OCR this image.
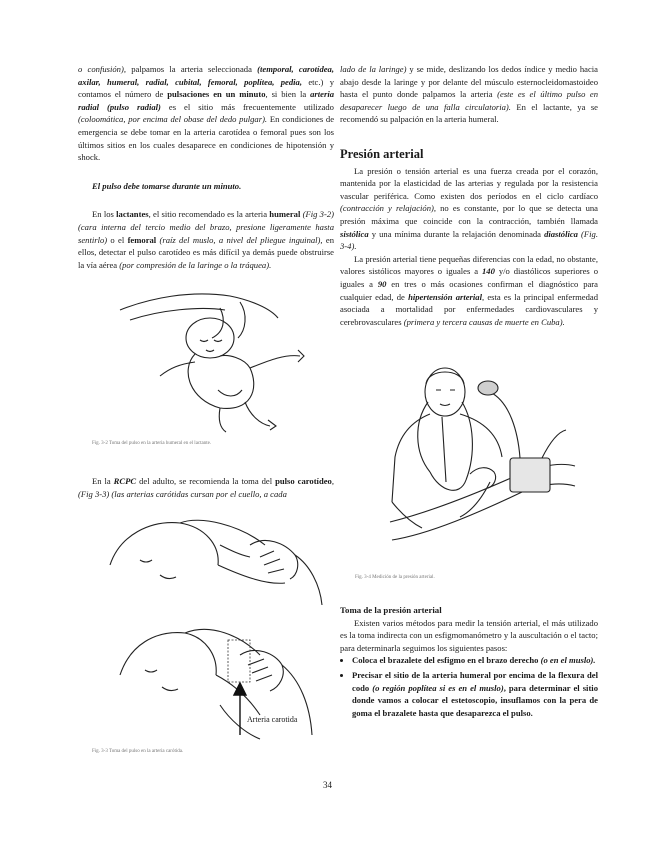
o confusión), palpamos la arteria seleccionada (temporal, carotídea, axilar, humeral, radial, cubital, femoral, poplítea, pedia, etc.) y contamos el número de pulsaciones en un minuto, si bien la arteria radial (pulso radial) es el sitio más frecuentemente utilizado (coloomática, por encima del obase del dedo pulgar). En condiciones de emergencia se debe tomar en la arteria carotídea o femoral pues son los últimos sitios en los cuales desaparece en condiciones de hipotensión y shock.

El pulso debe tomarse durante un minuto.

En los lactantes, el sitio recomendado es la arteria humeral (Fig 3-2) (cara interna del tercio medio del brazo, presione ligeramente hasta sentirlo) o el femoral (raíz del muslo, a nivel del pliegue inguinal), en ellos, detectar el pulso carotídeo es más difícil ya demás puede obstruirse la vía aérea (por compresión de la laringe o la tráquea).

Fig. 3-2 Toma del pulso en la arteria humeral en el lactante.

En la RCPC del adulto, se recomienda la toma del pulso carotídeo, (Fig 3-3) (las arterias carótidas cursan por el cuello, a cada

Arteria carotida
Fig. 3-3 Toma del pulso en la arteria carótida.

lado de la laringe) y se mide, deslizando los dedos índice y medio hacia abajo desde la laringe y por delante del músculo esternocleidomastoideo hasta el punto donde palpamos la arteria (este es el último pulso en desaparecer luego de una falla circulatoria). En el lactante, ya se recomendó su palpación en la arteria humeral.

Presión arterial

La presión o tensión arterial es una fuerza creada por el corazón, mantenida por la elasticidad de las arterias y regulada por la resistencia vascular periférica. Como existen dos períodos en el ciclo cardíaco (contracción y relajación), no es constante, por lo que se detecta una presión máxima que coincide con la contracción, también llamada sistólica y una mínima durante la relajación denominada diastólica (Fig. 3-4).

La presión arterial tiene pequeñas diferencias con la edad, no obstante, valores sistólicos mayores o iguales a 140 y/o diastólicos superiores o iguales a 90 en tres o más ocasiones confirman el diagnóstico para cualquier edad, de hipertensión arterial, esta es la principal enfermedad asociada a mortalidad por enfermedades cardiovasculares y cerebrovasculares (primera y tercera causas de muerte en Cuba).

Fig. 3-4 Medición de la presión arterial.

Toma de la presión arterial

Existen varios métodos para medir la tensión arterial, el más utilizado es la toma indirecta con un esfigmomanómetro y la auscultación o el tacto; para determinarla seguimos los siguientes pasos:

• Coloca el brazalete del esfigmo en el brazo derecho (o en el muslo).
• Precisar el sitio de la arteria humeral por encima de la flexura del codo (o región poplítea si es en el muslo), para determinar el sitio donde vamos a colocar el estetoscopio, insuflamos con la pera de goma el brazalete hasta que desaparezca el pulso.
34
